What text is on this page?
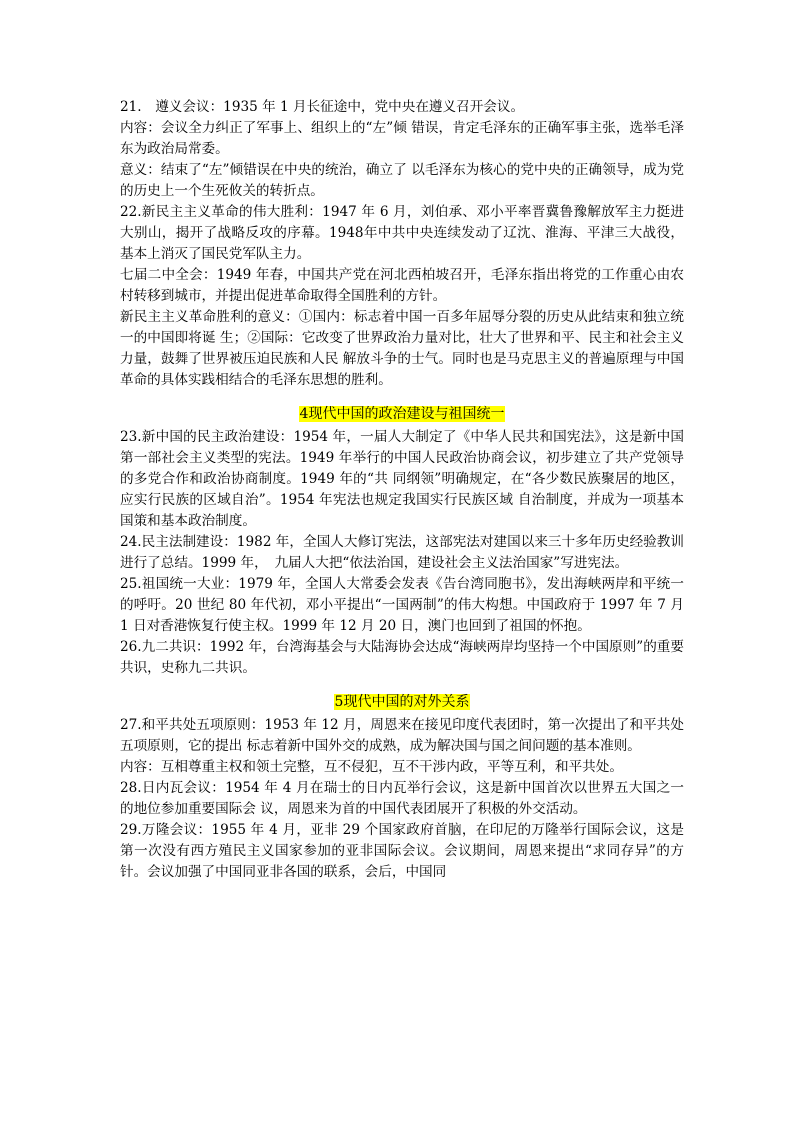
21.　遵义会议：1935 年 1 月长征途中，党中央在遵义召开会议。

内容：会议全力纠正了军事上、组织上的“左”倾 错误，肯定毛泽东的正确军事主张，选举毛泽东为政治局常委。

意义：结束了“左”倾错误在中央的统治，确立了 以毛泽东为核心的党中央的正确领导，成为党的历史上一个生死攸关的转折点。

22.新民主主义革命的伟大胜利：1947 年 6 月，刘伯承、邓小平率晋冀鲁豫解放军主力挺进大别山，揭开了战略反攻的序幕。1948年中共中央连续发动了辽沈、淮海、平津三大战役，基本上消灭了国民党军队主力。

七届二中全会：1949 年春，中国共产党在河北西柏坡召开，毛泽东指出将党的工作重心由农村转移到城市，并提出促进革命取得全国胜利的方针。

新民主主义革命胜利的意义：①国内：标志着中国一百多年屈辱分裂的历史从此结束和独立统一的中国即将诞 生；②国际：它改变了世界政治力量对比，壮大了世界和平、民主和社会主义力量，鼓舞了世界被压迫民族和人民 解放斗争的士气。同时也是马克思主义的普遍原理与中国革命的具体实践相结合的毛泽东思想的胜利。

4现代中国的政治建设与祖国统一

23.新中国的民主政治建设：1954 年，一届人大制定了《中华人民共和国宪法》，这是新中国第一部社会主义类型的宪法。1949 年举行的中国人民政治协商会议，初步建立了共产党领导的多党合作和政治协商制度。1949 年的“共 同纲领”明确规定，在“各少数民族聚居的地区，应实行民族的区域自治”。1954 年宪法也规定我国实行民族区域 自治制度，并成为一项基本国策和基本政治制度。

24.民主法制建设：1982 年，全国人大修订宪法，这部宪法对建国以来三十多年历史经验教训进行了总结。1999 年，　九届人大把“依法治国，建设社会主义法治国家”写进宪法。

25.祖国统一大业：1979 年，全国人大常委会发表《告台湾同胞书》，发出海峡两岸和平统一的呼吁。20 世纪 80 年代初，邓小平提出“一国两制”的伟大构想。中国政府于 1997 年 7 月 1 日对香港恢复行使主权。1999 年 12 月 20 日，澳门也回到了祖国的怀抱。

26.九二共识：1992 年，台湾海基会与大陆海协会达成“海峡两岸均坚持一个中国原则”的重要共识，史称九二共识。

5现代中国的对外关系

27.和平共处五项原则：1953 年 12 月，周恩来在接见印度代表团时，第一次提出了和平共处五项原则，它的提出 标志着新中国外交的成熟，成为解决国与国之间问题的基本准则。

内容：互相尊重主权和领土完整，互不侵犯，互不干涉内政，平等互利，和平共处。

28.日内瓦会议：1954 年 4 月在瑞士的日内瓦举行会议，这是新中国首次以世界五大国之一的地位参加重要国际会 议，周恩来为首的中国代表团展开了积极的外交活动。

29.万隆会议：1955 年 4 月，亚非 29 个国家政府首脑，在印尼的万隆举行国际会议，这是第一次没有西方殖民主义国家参加的亚非国际会议。会议期间，周恩来提出“求同存异”的方针。会议加强了中国同亚非各国的联系，会后，中国同
